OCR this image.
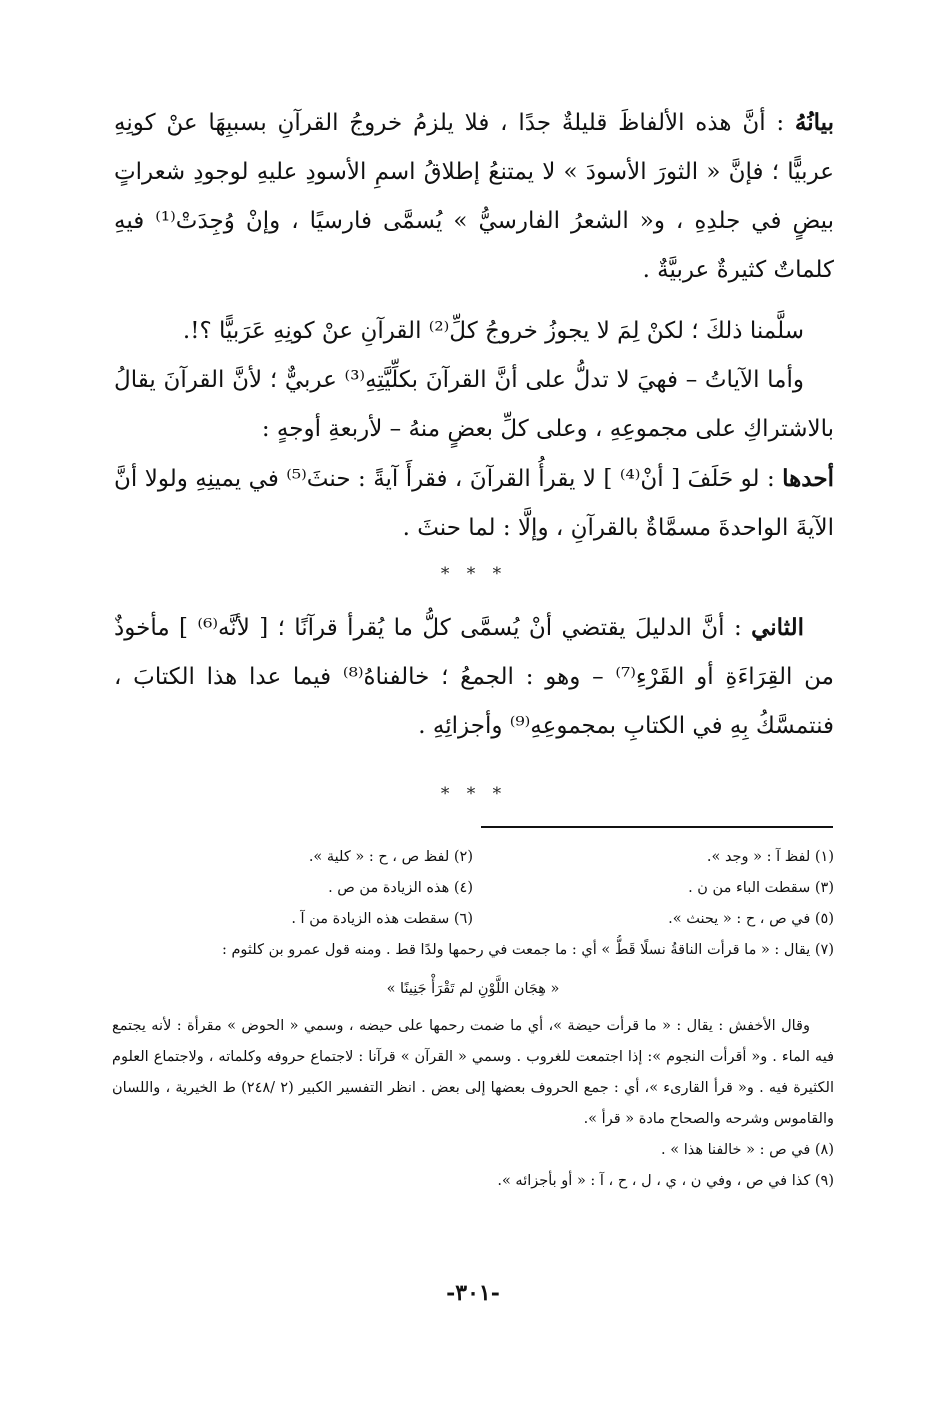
بيانُهُ : أنَّ هذه الألفاظَ قليلةٌ جدًا ، فلا يلزمُ خروجُ القرآنِ بسببِهَا عنْ كونِهِ عربيًّا ؛ فإنَّ « الثورَ الأسودَ » لا يمتنعُ إطلاقُ اسمِ الأسودِ عليهِ لوجودِ شعراتٍ بيضٍ في جلدِهِ ، و« الشعرُ الفارسيُّ » يُسمَّى فارسيًا ، وإنْ وُجِدَتْ⁽¹⁾ فيهِ كلماتٌ كثيرةٌ عربيَّةٌ .

سلَّمنا ذلكَ ؛ لكنْ لِمَ لا يجوزُ خروجُ كلِّ⁽²⁾ القرآنِ عنْ كونِهِ عَرَبيًّا ؟!.

وأما الآياتُ – فهيَ لا تدلُّ على أنَّ القرآنَ بكلِّيَّتِهِ⁽³⁾ عربيٌّ ؛ لأنَّ القرآنَ يقالُ بالاشتراكِ على مجموعِهِ ، وعلى كلِّ بعضٍ منهُ – لأربعةِ أوجهٍ :

أحدها : لو حَلَفَ [ أنْ⁽⁴⁾ ] لا يقرأُ القرآنَ ، فقرأَ آيةً : حنثَ⁽⁵⁾ في يمينِهِ ولولا أنَّ الآيةَ الواحدةَ مسمَّاةٌ بالقرآنِ ، وإلَّا : لما حنثَ .

* * *

الثاني : أنَّ الدليلَ يقتضي أنْ يُسمَّى كلُّ ما يُقرأ قرآنًا ؛ [ لأنَّه⁽⁶⁾ ] مأخوذٌ من القِرَاءَةِ أو القَرْءِ⁽⁷⁾ – وهو : الجمعُ ؛ خالفناهُ⁽⁸⁾ فيما عدا هذا الكتابَ ، فنتمسَّكُ بِهِ في الكتابِ بمجموعِهِ⁽⁹⁾ وأجزائِهِ .

* * *
(١) لفظ آ : « وجد ».
(٢) لفظ ص ، ح : « كلية ».
(٣) سقطت الباء من ن .
(٤) هذه الزيادة من ص .
(٥) في ص ، ح : « يحنث ».
(٦) سقطت هذه الزيادة من آ .
(٧) يقال : « ما قرأت الناقةُ نسلًا قَطُّ » أي : ما جمعت في رحمها ولدًا قط . ومنه قول عمرو بن كلثوم :
« هِجَان اللَّوْنِ لم تَقْرَأْ جَنِينًا »
وقال الأخفش : يقال : « ما قرأت حيضة »، أي ما ضمت رحمها على حيضه ، وسمي « الحوض » مقرأة : لأنه يجتمع فيه الماء . و« أقرأت النجوم »: إذا اجتمعت للغروب . وسمي « القرآن » قرآنا : لاجتماع حروفه وكلماته ، ولاجتماع العلوم الكثيرة فيه . و« قرأ القارىء »، أي : جمع الحروف بعضها إلى بعض . انظر التفسير الكبير (٢ /٢٤٨) ط الخيرية ، واللسان والقاموس وشرحه والصحاح مادة « قرأ ».
(٨) في ص : « خالفنا هذا » .
(٩) كذا في ص ، وفي ن ، ي ، ل ، ح ، آ : « أو بأجزائه ».
-٣٠١-
